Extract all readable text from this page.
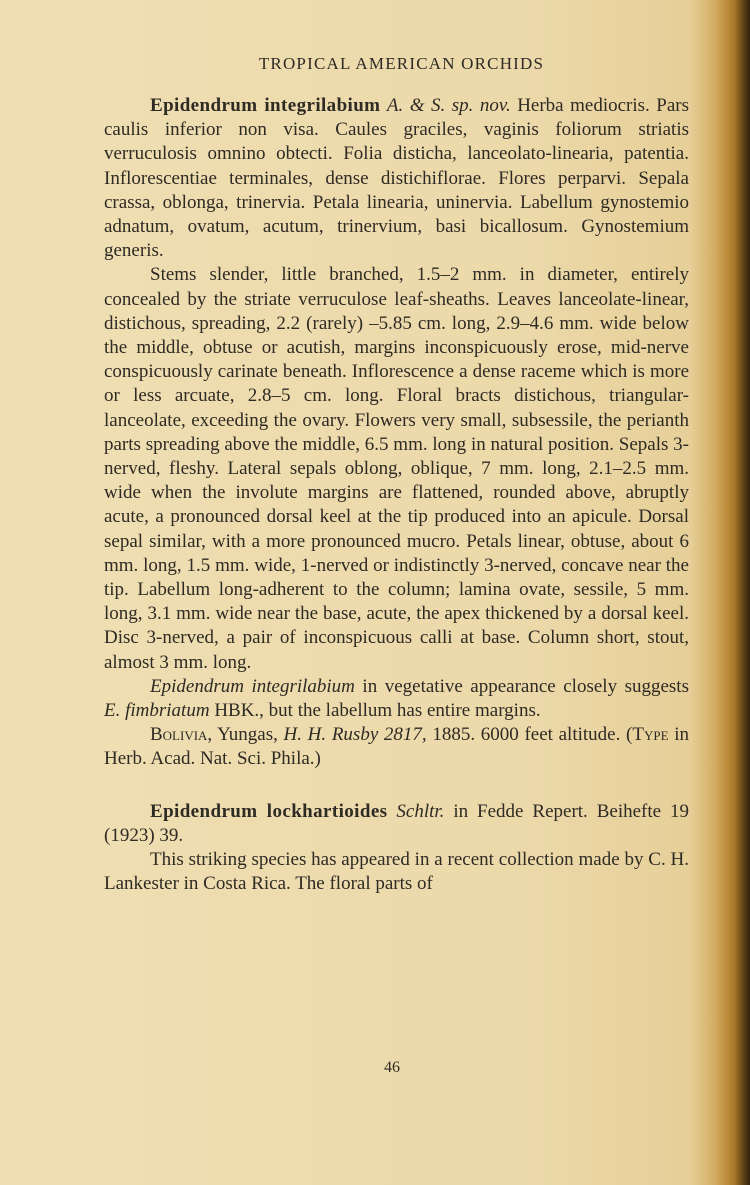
TROPICAL AMERICAN ORCHIDS

Epidendrum integrilabium A. & S. sp. nov. Herba mediocris. Pars caulis inferior non visa. Caules graciles, vaginis foliorum striatis verruculosis omnino obtecti. Folia disticha, lanceolato-linearia, patentia. Inflorescentiae terminales, dense distichiflorae. Flores perparvi. Sepala crassa, oblonga, trinervia. Petala linearia, uninervia. Labellum gynostemio adnatum, ovatum, acutum, trinervium, basi bicallosum. Gynostemium generis.

Stems slender, little branched, 1.5–2 mm. in diameter, entirely concealed by the striate verruculose leaf-sheaths. Leaves lanceolate-linear, distichous, spreading, 2.2 (rarely) –5.85 cm. long, 2.9–4.6 mm. wide below the middle, obtuse or acutish, margins inconspicuously erose, mid-nerve conspicuously carinate beneath. Inflorescence a dense raceme which is more or less arcuate, 2.8–5 cm. long. Floral bracts distichous, triangular-lanceolate, exceeding the ovary. Flowers very small, subsessile, the perianth parts spreading above the middle, 6.5 mm. long in natural position. Sepals 3-nerved, fleshy. Lateral sepals oblong, oblique, 7 mm. long, 2.1–2.5 mm. wide when the involute margins are flattened, rounded above, abruptly acute, a pronounced dorsal keel at the tip produced into an apicule. Dorsal sepal similar, with a more pronounced mucro. Petals linear, obtuse, about 6 mm. long, 1.5 mm. wide, 1-nerved or indistinctly 3-nerved, concave near the tip. Labellum long-adherent to the column; lamina ovate, sessile, 5 mm. long, 3.1 mm. wide near the base, acute, the apex thickened by a dorsal keel. Disc 3-nerved, a pair of inconspicuous calli at base. Column short, stout, almost 3 mm. long.

Epidendrum integrilabium in vegetative appearance closely suggests E. fimbriatum HBK., but the labellum has entire margins.

Bolivia, Yungas, H. H. Rusby 2817, 1885. 6000 feet altitude. (Type in Herb. Acad. Nat. Sci. Phila.)

Epidendrum lockhartioides Schltr. in Fedde Repert. Beihefte 19 (1923) 39.

This striking species has appeared in a recent collection made by C. H. Lankester in Costa Rica. The floral parts of

46
